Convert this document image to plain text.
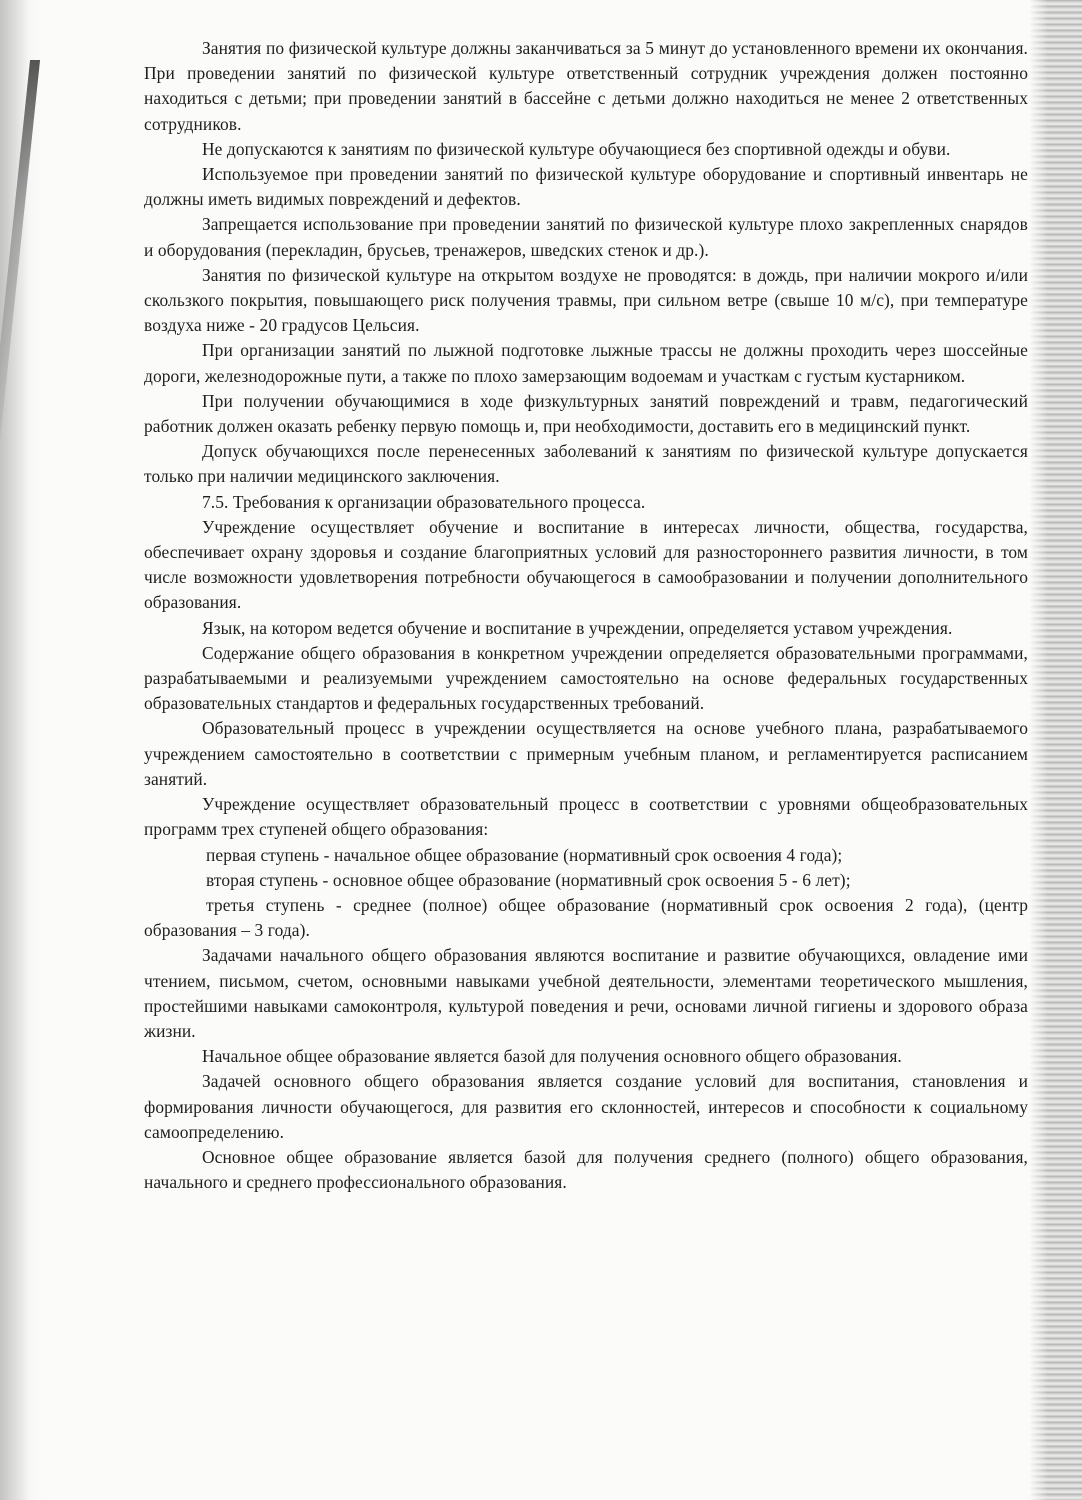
Занятия по физической культуре должны заканчиваться за 5 минут до установленного времени их окончания. При проведении занятий по физической культуре ответственный сотрудник учреждения должен постоянно находиться с детьми; при проведении занятий в бассейне с детьми должно находиться не менее 2 ответственных сотрудников.

Не допускаются к занятиям по физической культуре обучающиеся без спортивной одежды и обуви.

Используемое при проведении занятий по физической культуре оборудование и спортивный инвентарь не должны иметь видимых повреждений и дефектов.

Запрещается использование при проведении занятий по физической культуре плохо закрепленных снарядов и оборудования (перекладин, брусьев, тренажеров, шведских стенок и др.).

Занятия по физической культуре на открытом воздухе не проводятся: в дождь, при наличии мокрого и/или скользкого покрытия, повышающего риск получения травмы, при сильном ветре (свыше 10 м/с), при температуре воздуха ниже - 20 градусов Цельсия.

При организации занятий по лыжной подготовке лыжные трассы не должны проходить через шоссейные дороги, железнодорожные пути, а также по плохо замерзающим водоемам и участкам с густым кустарником.

При получении обучающимися в ходе физкультурных занятий повреждений и травм, педагогический работник должен оказать ребенку первую помощь и, при необходимости, доставить его в медицинский пункт.

Допуск обучающихся после перенесенных заболеваний к занятиям по физической культуре допускается только при наличии медицинского заключения.

7.5. Требования к организации образовательного процесса.

Учреждение осуществляет обучение и воспитание в интересах личности, общества, государства, обеспечивает охрану здоровья и создание благоприятных условий для разностороннего развития личности, в том числе возможности удовлетворения потребности обучающегося в самообразовании и получении дополнительного образования.

Язык, на котором ведется обучение и воспитание в учреждении, определяется уставом учреждения.

Содержание общего образования в конкретном учреждении определяется образовательными программами, разрабатываемыми и реализуемыми учреждением самостоятельно на основе федеральных государственных образовательных стандартов и федеральных государственных требований.

Образовательный процесс в учреждении осуществляется на основе учебного плана, разрабатываемого учреждением самостоятельно в соответствии с примерным учебным планом, и регламентируется расписанием занятий.

Учреждение осуществляет образовательный процесс в соответствии с уровнями общеобразовательных программ трех ступеней общего образования:

первая ступень - начальное общее образование (нормативный срок освоения 4 года);

вторая ступень - основное общее образование (нормативный срок освоения 5 - 6 лет);

третья ступень - среднее (полное) общее образование (нормативный срок освоения 2 года), (центр образования – 3 года).

Задачами начального общего образования являются воспитание и развитие обучающихся, овладение ими чтением, письмом, счетом, основными навыками учебной деятельности, элементами теоретического мышления, простейшими навыками самоконтроля, культурой поведения и речи, основами личной гигиены и здорового образа жизни.

Начальное общее образование является базой для получения основного общего образования.

Задачей основного общего образования является создание условий для воспитания, становления и формирования личности обучающегося, для развития его склонностей, интересов и способности к социальному самоопределению.

Основное общее образование является базой для получения среднего (полного) общего образования, начального и среднего профессионального образования.
